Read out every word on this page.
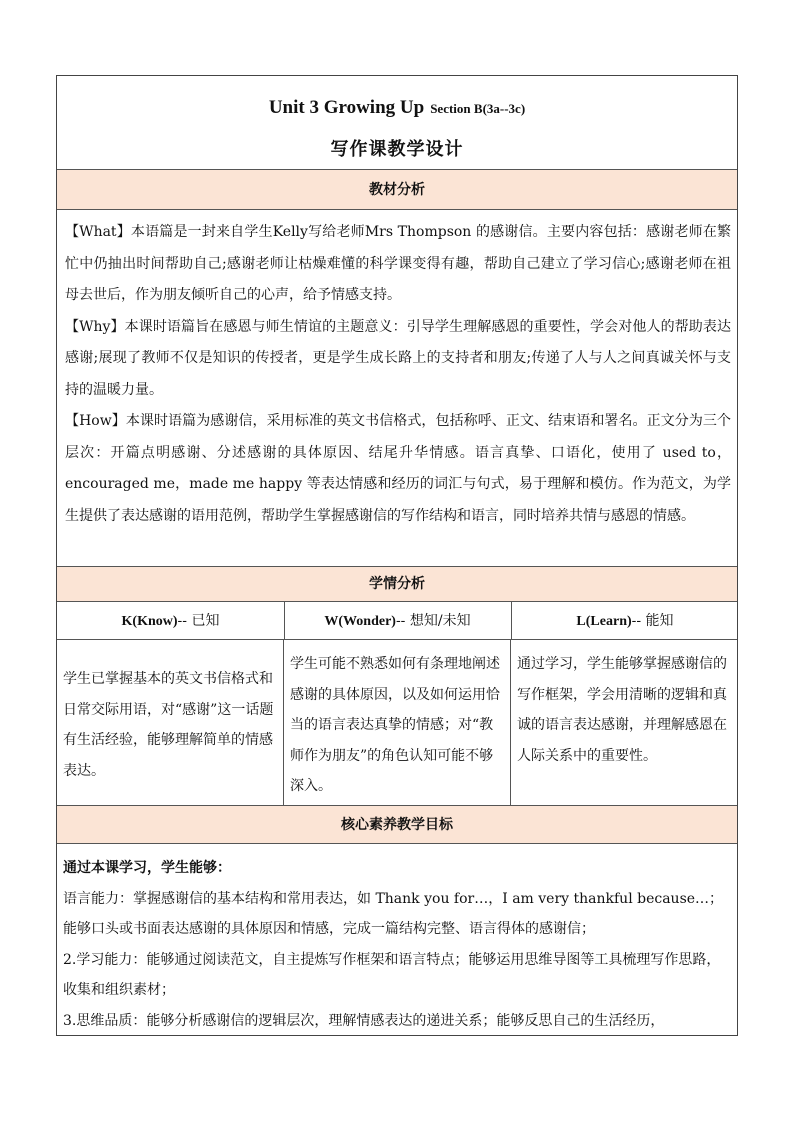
Unit 3 Growing Up Section B(3a--3c)
写作课教学设计
教材分析

【What】本语篇是一封来自学生Kelly写给老师Mrs Thompson 的感谢信。主要内容包括：感谢老师在繁忙中仍抽出时间帮助自己;感谢老师让枯燥难懂的科学课变得有趣，帮助自己建立了学习信心;感谢老师在祖母去世后，作为朋友倾听自己的心声，给予情感支持。

【Why】本课时语篇旨在感恩与师生情谊的主题意义：引导学生理解感恩的重要性，学会对他人的帮助表达感谢;展现了教师不仅是知识的传授者，更是学生成长路上的支持者和朋友;传递了人与人之间真诚关怀与支持的温暖力量。

【How】本课时语篇为感谢信，采用标准的英文书信格式，包括称呼、正文、结束语和署名。正文分为三个层次：开篇点明感谢、分述感谢的具体原因、结尾升华情感。语言真挚、口语化，使用了 used to，encouraged me，made me happy 等表达情感和经历的词汇与句式，易于理解和模仿。作为范文，为学生提供了表达感谢的语用范例，帮助学生掌握感谢信的写作结构和语言，同时培养共情与感恩的情感。

学情分析
K(Know)-- 已知	W(Wonder)-- 想知/未知	L(Learn)-- 能知
学生已掌握基本的英文书信格式和日常交际用语，对“感谢”这一话题有生活经验，能够理解简单的情感表达。
学生可能不熟悉如何有条理地阐述感谢的具体原因，以及如何运用恰当的语言表达真挚的情感；对“教师作为朋友”的角色认知可能不够深入。
通过学习，学生能够掌握感谢信的写作框架，学会用清晰的逻辑和真诚的语言表达感谢，并理解感恩在人际关系中的重要性。
核心素养教学目标

通过本课学习，学生能够：

语言能力：掌握感谢信的基本结构和常用表达，如 Thank you for…，I am very thankful because…；能够口头或书面表达感谢的具体原因和情感，完成一篇结构完整、语言得体的感谢信；

2.学习能力：能够通过阅读范文，自主提炼写作框架和语言特点；能够运用思维导图等工具梳理写作思路，收集和组织素材；

3.思维品质：能够分析感谢信的逻辑层次，理解情感表达的递进关系；能够反思自己的生活经历，
